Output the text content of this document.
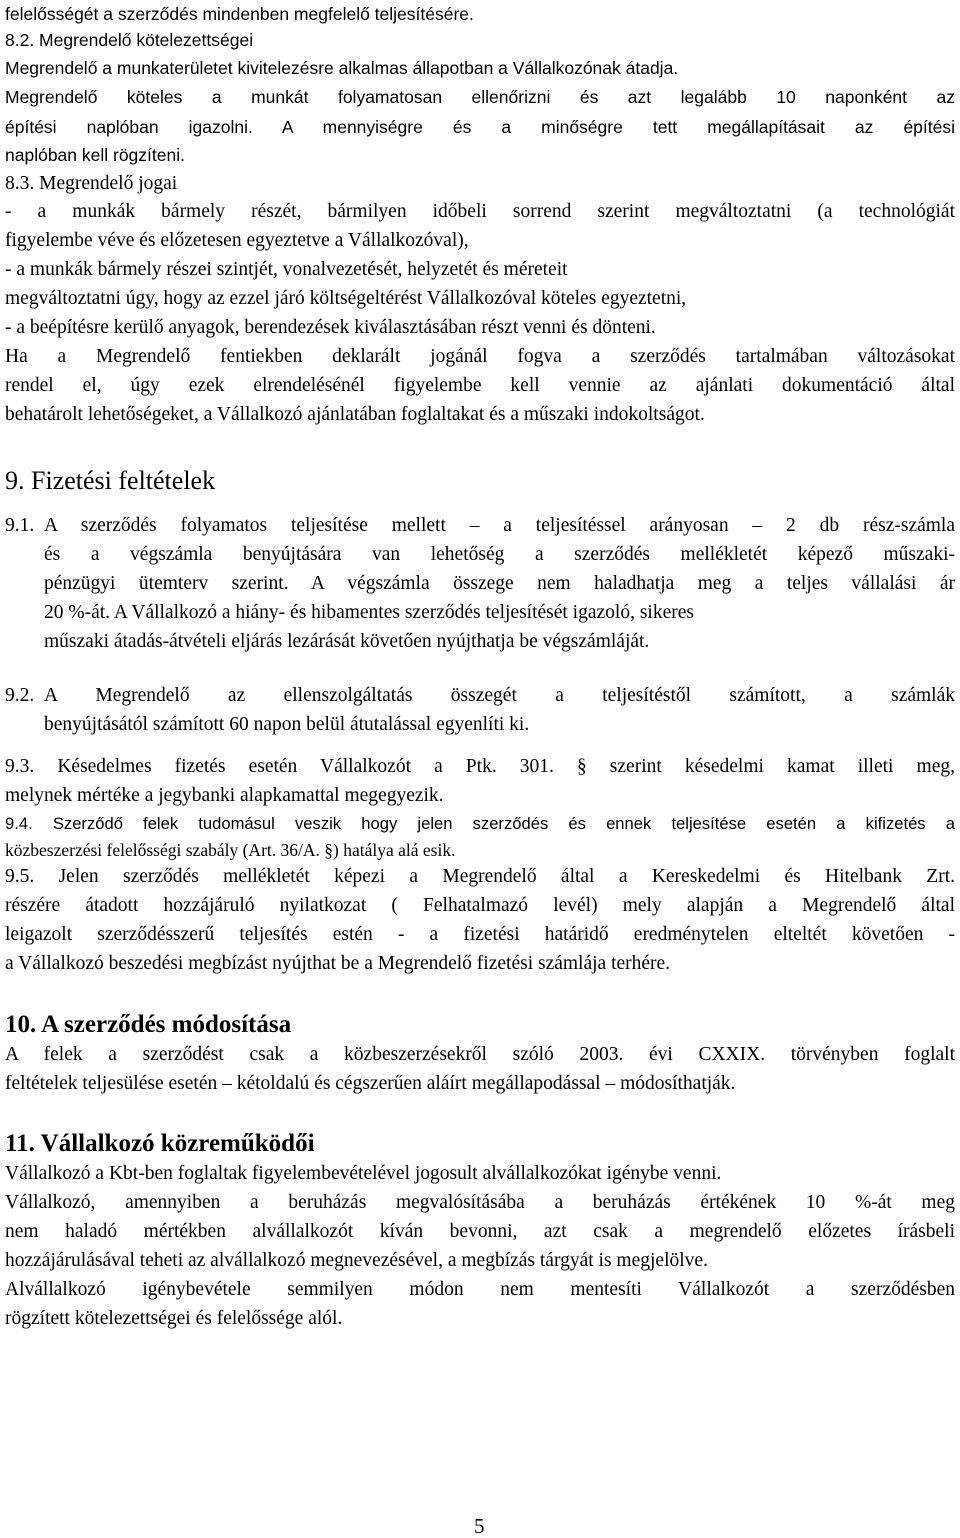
felelősségét a szerződés mindenben megfelelő teljesítésére.
8.2. Megrendelő kötelezettségei
Megrendelő a munkaterületet kivitelezésre alkalmas állapotban a Vállalkozónak átadja.
Megrendelő köteles a munkát folyamatosan ellenőrizni és azt legalább 10 naponként az
építési naplóban igazolni. A mennyiségre és a minőségre tett megállapításait az építési
naplóban kell rögzíteni.
8.3. Megrendelő jogai
- a munkák bármely részét, bármilyen időbeli sorrend szerint megváltoztatni (a technológiát
figyelembe véve és előzetesen egyeztetve a Vállalkozóval),
- a munkák bármely részei szintjét, vonalvezetését, helyzetét és méreteit
megváltoztatni úgy, hogy az ezzel járó költségeltérést Vállalkozóval köteles egyeztetni,
- a beépítésre kerülő anyagok, berendezések kiválasztásában részt venni és dönteni.
Ha a Megrendelő fentiekben deklarált jogánál fogva a szerződés tartalmában változásokat
rendel el, úgy ezek elrendelésénél figyelembe kell vennie az ajánlati dokumentáció által
behatárolt lehetőségeket, a Vállalkozó ajánlatában foglaltakat és a műszaki indokoltságot.
9. Fizetési feltételek
9.1. A szerződés folyamatos teljesítése mellett – a teljesítéssel arányosan – 2 db rész-számla
és a végszámla benyújtására van lehetőség a szerződés mellékletét képező műszaki-
pénzügyi ütemterv szerint. A végszámla összege nem haladhatja meg a teljes vállalási ár
20 %-át. A Vállalkozó a hiány- és hibamentes szerződés teljesítését igazoló, sikeres
műszaki átadás-átvételi eljárás lezárását követően nyújthatja be végszámláját.
9.2. A Megrendelő az ellenszolgáltatás összegét a teljesítéstől számított, a számlák
benyújtásától számított 60 napon belül átutalással egyenlíti ki.
9.3. Késedelmes fizetés esetén Vállalkozót a Ptk. 301. § szerint késedelmi kamat illeti meg,
melynek mértéke a jegybanki alapkamattal megegyezik.
9.4. Szerződő felek tudomásul veszik hogy jelen szerződés és ennek teljesítése esetén a kifizetés a
közbeszerzési felelősségi szabály (Art. 36/A. §) hatálya alá esik.
9.5. Jelen szerződés mellékletét képezi a Megrendelő által a Kereskedelmi és Hitelbank Zrt.
részére átadott hozzájáruló nyilatkozat ( Felhatalmazó levél) mely alapján a Megrendelő által
leigazolt szerződésszerű teljesítés estén - a fizetési határidő eredménytelen elteltét követően -
a Vállalkozó beszedési megbízást nyújthat be a Megrendelő fizetési számlája terhére.
10. A szerződés módosítása
A felek a szerződést csak a közbeszerzésekről szóló 2003. évi CXXIX. törvényben foglalt
feltételek teljesülése esetén – kétoldalú és cégszerűen aláírt megállapodással – módosíthatják.
11. Vállalkozó közreműködői
Vállalkozó a Kbt-ben foglaltak figyelembevételével jogosult alvállalkozókat igénybe venni.
Vállalkozó, amennyiben a beruházás megvalósításába a beruházás értékének 10 %-át meg
nem haladó mértékben alvállalkozót kíván bevonni, azt csak a megrendelő előzetes írásbeli
hozzájárulásával teheti az alvállalkozó megnevezésével, a megbízás tárgyát is megjelölve.
Alvállalkozó igénybevétele semmilyen módon nem mentesíti Vállalkozót a szerződésben
rögzített kötelezettségei és felelőssége alól.
5
